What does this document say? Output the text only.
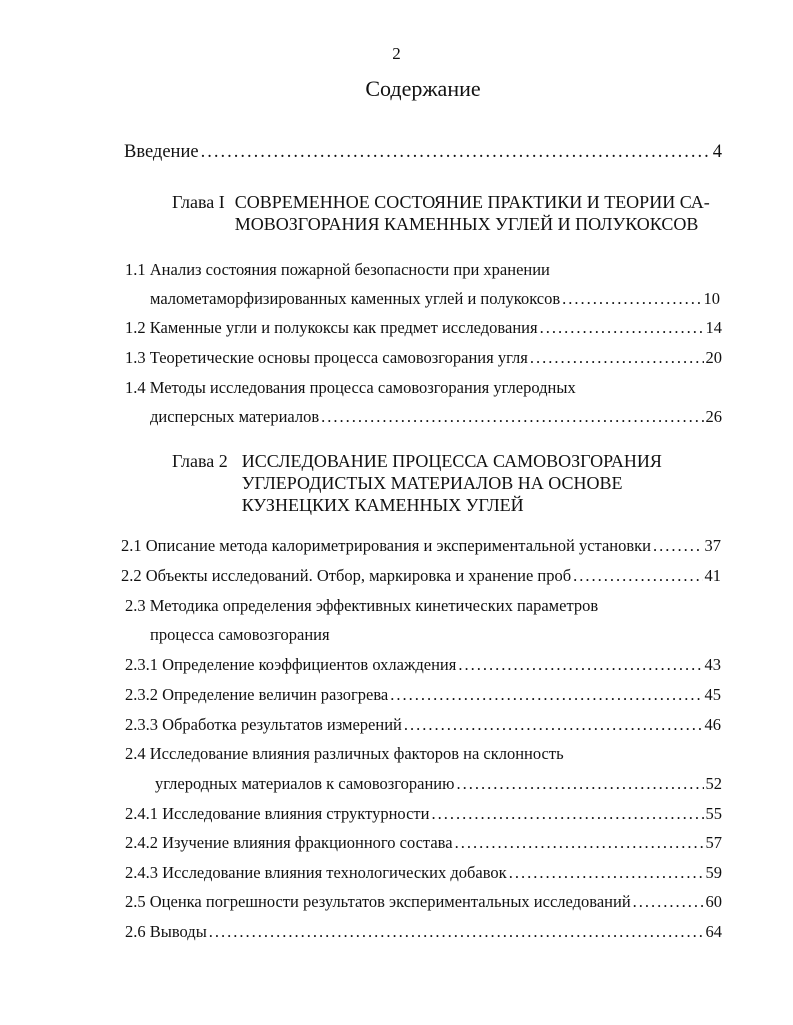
2
Содержание
Введение .....	4
Глава I СОВРЕМЕННОЕ СОСТОЯНИЕ ПРАКТИКИ И ТЕОРИИ СА-
МОВОЗГОРАНИЯ КАМЕННЫХ УГЛЕЙ И ПОЛУКОКСОВ
1.1 Анализ состояния пожарной безопасности при хранении
малометаморфизированных каменных углей и полукоксов .....	10
1.2 Каменные угли и полукоксы как предмет исследования .....	14
1.3 Теоретические основы процесса самовозгорания угля .....	20
1.4 Методы исследования процесса самовозгорания углеродных
дисперсных материалов .....	26
Глава 2 ИССЛЕДОВАНИЕ ПРОЦЕССА САМОВОЗГОРАНИЯ
УГЛЕРОДИСТЫХ МАТЕРИАЛОВ НА ОСНОВЕ
КУЗНЕЦКИХ КАМЕННЫХ УГЛЕЙ
2.1 Описание метода калориметрирования и экспериментальной установки .....	37
2.2 Объекты исследований. Отбор, маркировка и хранение проб .....	41
2.3 Методика определения эффективных кинетических параметров
процесса самовозгорания
2.3.1 Определение коэффициентов охлаждения .....	43
2.3.2 Определение величин разогрева .....	45
2.3.3 Обработка результатов измерений .....	46
2.4 Исследование влияния различных факторов на склонность
углеродных материалов к самовозгоранию .....	52
2.4.1 Исследование влияния структурности .....	55
2.4.2 Изучение влияния фракционного состава .....	57
2.4.3 Исследование влияния технологических добавок .....	59
2.5 Оценка погрешности результатов экспериментальных исследований .....	60
2.6 Выводы .....	64
